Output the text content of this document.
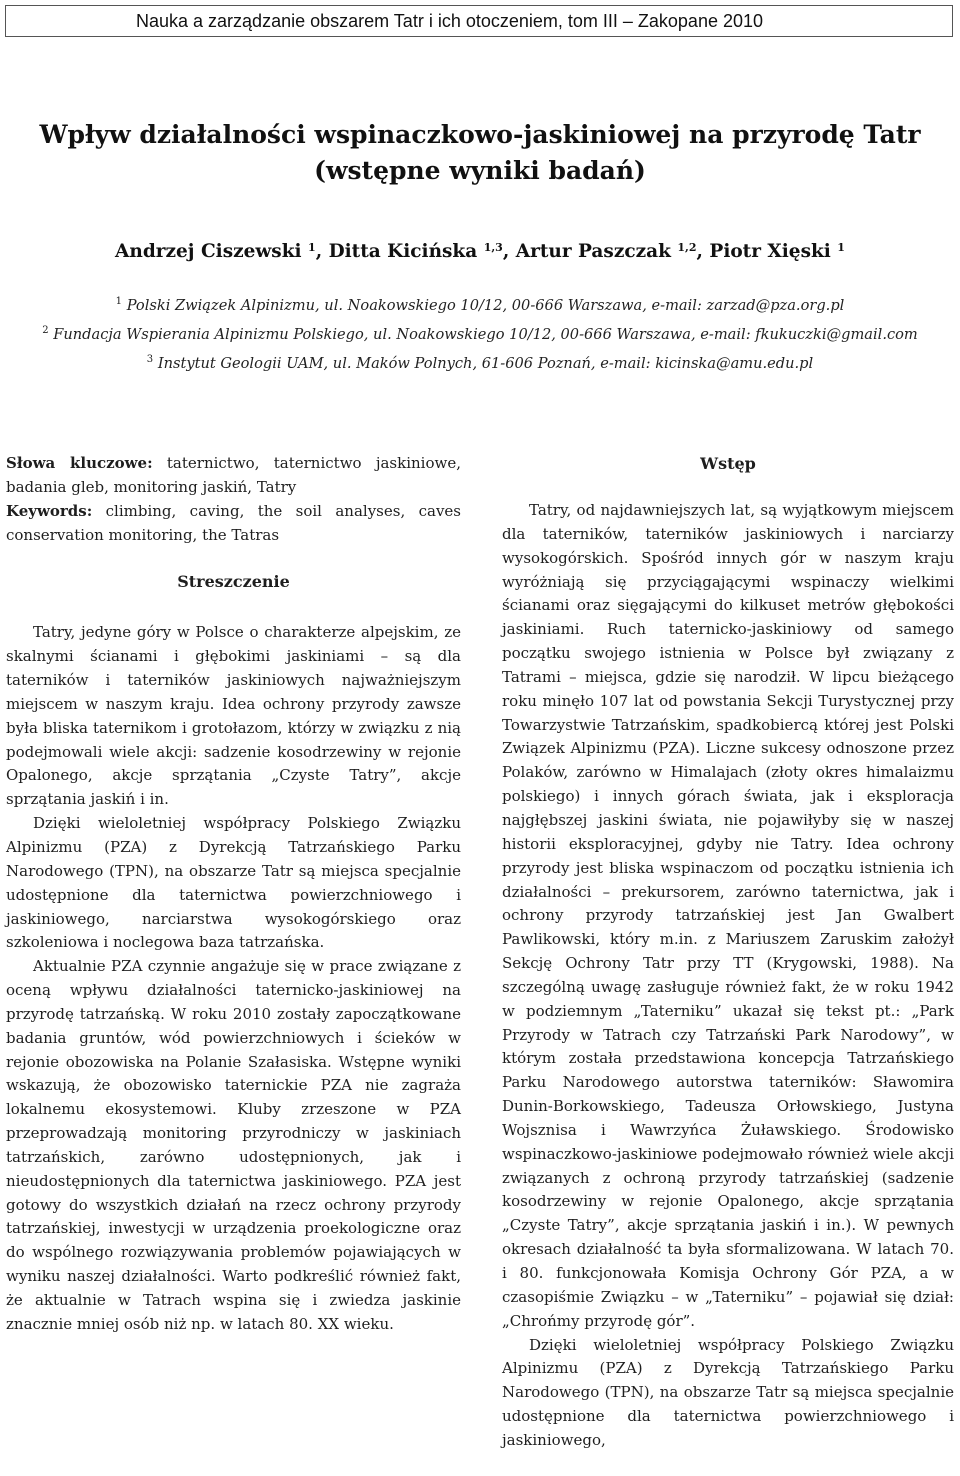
Nauka a zarządzanie obszarem Tatr i ich otoczeniem, tom III – Zakopane 2010
Wpływ działalności wspinaczkowo-jaskiniowej na przyrodę Tatr
(wstępne wyniki badań)
Andrzej Ciszewski $^1$, Ditta Kicińska $^{1,3}$, Artur Paszczak $^{1,2}$, Piotr Xięski $^1$
$^1$ Polski Związek Alpinizmu, ul. Noakowskiego 10/12, 00-666 Warszawa, e-mail: zarzad@pza.org.pl
$^2$ Fundacja Wspierania Alpinizmu Polskiego, ul. Noakowskiego 10/12, 00-666 Warszawa, e-mail: fkukuczki@gmail.com
$^3$ Instytut Geologii UAM, ul. Maków Polnych, 61-606 Poznań, e-mail: kicinska@amu.edu.pl

Słowa kluczowe: taternictwo, taternictwo jaskiniowe, badania gleb, monitoring jaskiń, Tatry

Keywords: climbing, caving, the soil analyses, caves conservation monitoring, the Tatras

Streszczenie

Tatry, jedyne góry w Polsce o charakterze alpejskim, ze skalnymi ścianami i głębokimi jaskiniami – są dla taterników i taterników jaskiniowych najważniejszym miejscem w naszym kraju. Idea ochrony przyrody zawsze była bliska taternikom i grotołazom, którzy w związku z nią podejmowali wiele akcji: sadzenie kosodrzewiny w rejonie Opalonego, akcje sprzątania „Czyste Tatry”, akcje sprzątania jaskiń i in.

Dzięki wieloletniej współpracy Polskiego Związku Alpinizmu (PZA) z Dyrekcją Tatrzańskiego Parku Narodowego (TPN), na obszarze Tatr są miejsca specjalnie udostępnione dla taternictwa powierzchniowego i jaskiniowego, narciarstwa wysokogórskiego oraz szkoleniowa i noclegowa baza tatrzańska.

Aktualnie PZA czynnie angażuje się w prace związane z oceną wpływu działalności taternicko-jaskiniowej na przyrodę tatrzańską. W roku 2010 zostały zapoczątkowane badania gruntów, wód powierzchniowych i ścieków w rejonie obozowiska na Polanie Szałasiska. Wstępne wyniki wskazują, że obozowisko taternickie PZA nie zagraża lokalnemu ekosystemowi. Kluby zrzeszone w PZA przeprowadzają monitoring przyrodniczy w jaskiniach tatrzańskich, zarówno udostępnionych, jak i nieudostępnionych dla taternictwa jaskiniowego. PZA jest gotowy do wszystkich działań na rzecz ochrony przyrody tatrzańskiej, inwestycji w urządzenia proekologiczne oraz do wspólnego rozwiązywania problemów pojawiających w wyniku naszej działalności. Warto podkreślić również fakt, że aktualnie w Tatrach wspina się i zwiedza jaskinie znacznie mniej osób niż np. w latach 80. XX wieku.

Wstęp

Tatry, od najdawniejszych lat, są wyjątkowym miejscem dla taterników, taterników jaskiniowych i narciarzy wysokogórskich. Spośród innych gór w naszym kraju wyróżniają się przyciągającymi wspinaczy wielkimi ścianami oraz sięgającymi do kilkuset metrów głębokości jaskiniami. Ruch taternicko-jaskiniowy od samego początku swojego istnienia w Polsce był związany z Tatrami – miejsca, gdzie się narodził. W lipcu bieżącego roku minęło 107 lat od powstania Sekcji Turystycznej przy Towarzystwie Tatrzańskim, spadkobiercą której jest Polski Związek Alpinizmu (PZA). Liczne sukcesy odnoszone przez Polaków, zarówno w Himalajach (złoty okres himalaizmu polskiego) i innych górach świata, jak i eksploracja najgłębszej jaskini świata, nie pojawiłyby się w naszej historii eksploracyjnej, gdyby nie Tatry. Idea ochrony przyrody jest bliska wspinaczom od początku istnienia ich działalności – prekursorem, zarówno taternictwa, jak i ochrony przyrody tatrzańskiej jest Jan Gwalbert Pawlikowski, który m.in. z Mariuszem Zaruskim założył Sekcję Ochrony Tatr przy TT (Krygowski, 1988). Na szczególną uwagę zasługuje również fakt, że w roku 1942 w podziemnym „Taterniku” ukazał się tekst pt.: „Park Przyrody w Tatrach czy Tatrzański Park Narodowy”, w którym została przedstawiona koncepcja Tatrzańskiego Parku Narodowego autorstwa taterników: Sławomira Dunin-Borkowskiego, Tadeusza Orłowskiego, Justyna Wojsznisa i Wawrzyńca Żuławskiego. Środowisko wspinaczkowo-jaskiniowe podejmowało również wiele akcji związanych z ochroną przyrody tatrzańskiej (sadzenie kosodrzewiny w rejonie Opalonego, akcje sprzątania „Czyste Tatry”, akcje sprzątania jaskiń i in.). W pewnych okresach działalność ta była sformalizowana. W latach 70. i 80. funkcjonowała Komisja Ochrony Gór PZA, a w czasopiśmie Związku – w „Taterniku” – pojawiał się dział: „Chrońmy przyrodę gór”.

Dzięki wieloletniej współpracy Polskiego Związku Alpinizmu (PZA) z Dyrekcją Tatrzańskiego Parku Narodowego (TPN), na obszarze Tatr są miejsca specjalnie udostępnione dla taternictwa powierzchniowego i jaskiniowego,
